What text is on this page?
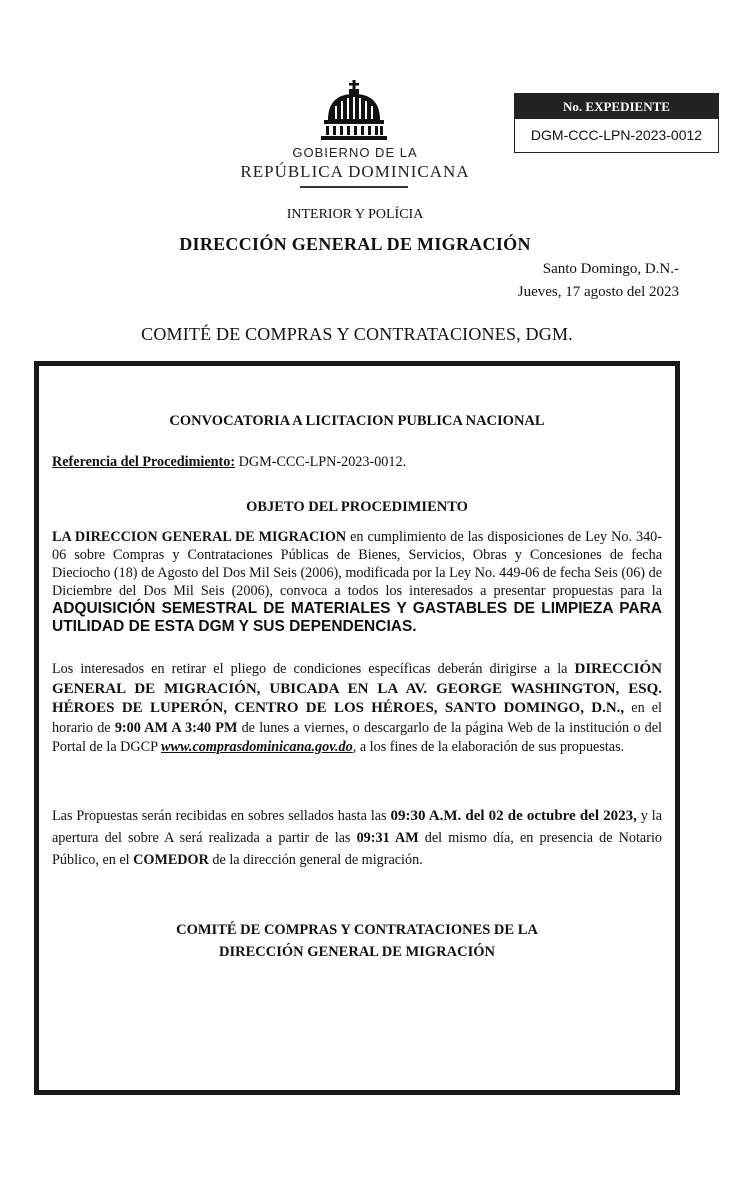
GOBIERNO DE LA
REPÚBLICA DOMINICANA
No. EXPEDIENTE
DGM-CCC-LPN-2023-0012
INTERIOR Y POLÍCIA
DIRECCIÓN GENERAL DE MIGRACIÓN
Santo Domingo, D.N.-
Jueves, 17 agosto del 2023
COMITÉ DE COMPRAS Y CONTRATACIONES, DGM.
CONVOCATORIA A LICITACION PUBLICA NACIONAL
Referencia del Procedimiento: DGM-CCC-LPN-2023-0012.
OBJETO DEL PROCEDIMIENTO
LA DIRECCION GENERAL DE MIGRACION en cumplimiento de las disposiciones de Ley No. 340-06 sobre Compras y Contrataciones Públicas de Bienes, Servicios, Obras y Concesiones de fecha Dieciocho (18) de Agosto del Dos Mil Seis (2006), modificada por la Ley No. 449-06 de fecha Seis (06) de Diciembre del Dos Mil Seis (2006), convoca a todos los interesados a presentar propuestas para la ADQUISICIÓN SEMESTRAL DE MATERIALES Y GASTABLES DE LIMPIEZA PARA UTILIDAD DE ESTA DGM Y SUS DEPENDENCIAS.
Los interesados en retirar el pliego de condiciones específicas deberán dirigirse a la DIRECCIÓN GENERAL DE MIGRACIÓN, UBICADA EN LA AV. GEORGE WASHINGTON, ESQ. HÉROES DE LUPERÓN, CENTRO DE LOS HÉROES, SANTO DOMINGO, D.N., en el horario de 9:00 AM A 3:40 PM de lunes a viernes, o descargarlo de la página Web de la institución o del Portal de la DGCP www.comprasdominicana.gov.do, a los fines de la elaboración de sus propuestas.
Las Propuestas serán recibidas en sobres sellados hasta las 09:30 A.M. del 02 de octubre del 2023, y la apertura del sobre A será realizada a partir de las 09:31 AM del mismo día, en presencia de Notario Público, en el COMEDOR de la dirección general de migración.
COMITÉ DE COMPRAS Y CONTRATACIONES DE LA
DIRECCIÓN GENERAL DE MIGRACIÓN
